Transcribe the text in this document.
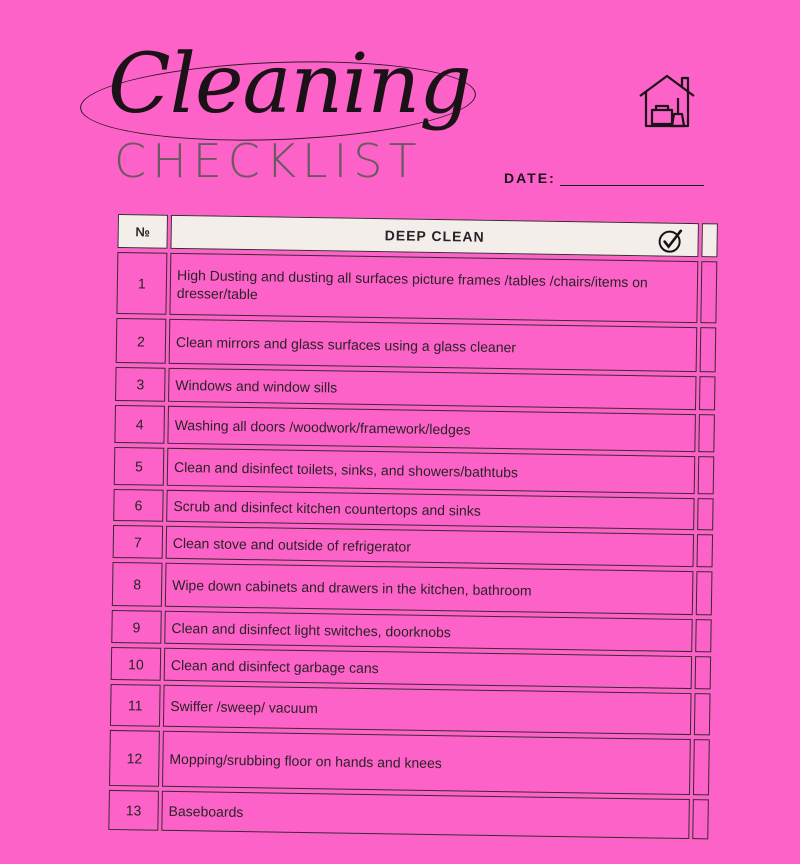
Cleaning
CHECKLIST	DATE:
№	DEEP CLEAN
1	High Dusting and dusting all surfaces picture frames /tables /chairs/items on dresser/table
2	Clean mirrors and glass surfaces using a glass cleaner
3	Windows and window sills
4	Washing all doors /woodwork/framework/ledges
5	Clean and disinfect toilets, sinks, and showers/bathtubs
6	Scrub and disinfect kitchen countertops and sinks
7	Clean stove and outside of refrigerator
8	Wipe down cabinets and drawers in the kitchen, bathroom
9	Clean and disinfect light switches, doorknobs
10	Clean and disinfect garbage cans
11	Swiffer /sweep/ vacuum
12	Mopping/srubbing floor on hands and knees
13	Baseboards
